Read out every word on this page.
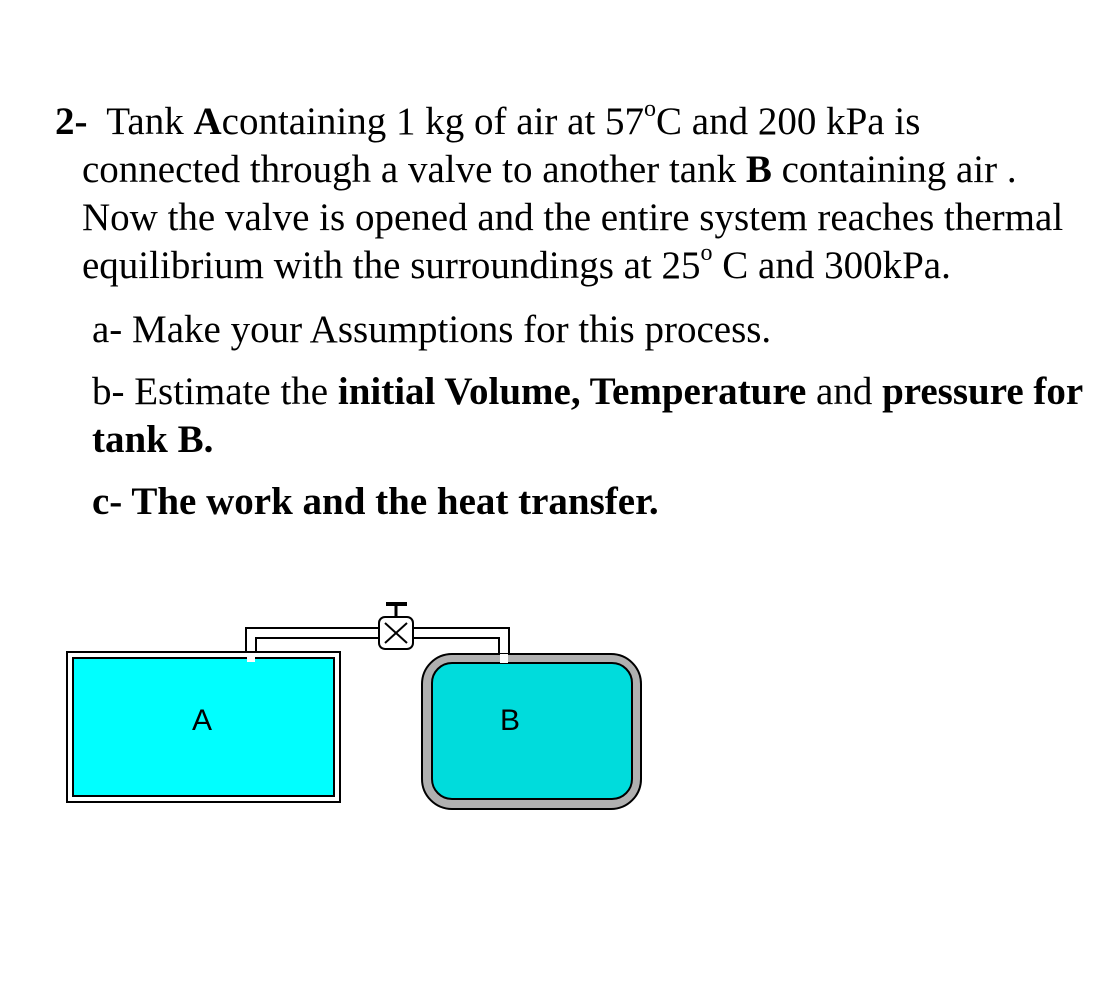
2- Tank Acontaining 1 kg of air at 57$^o$C and 200 kPa is connected through a valve to another tank B containing air . Now the valve is opened and the entire system reaches thermal equilibrium with the surroundings at 25$^o$ C and 300kPa.

a- Make your Assumptions for this process.

b- Estimate the initial Volume, Temperature and pressure for tank B.

c- The work and the heat transfer.

A	B
